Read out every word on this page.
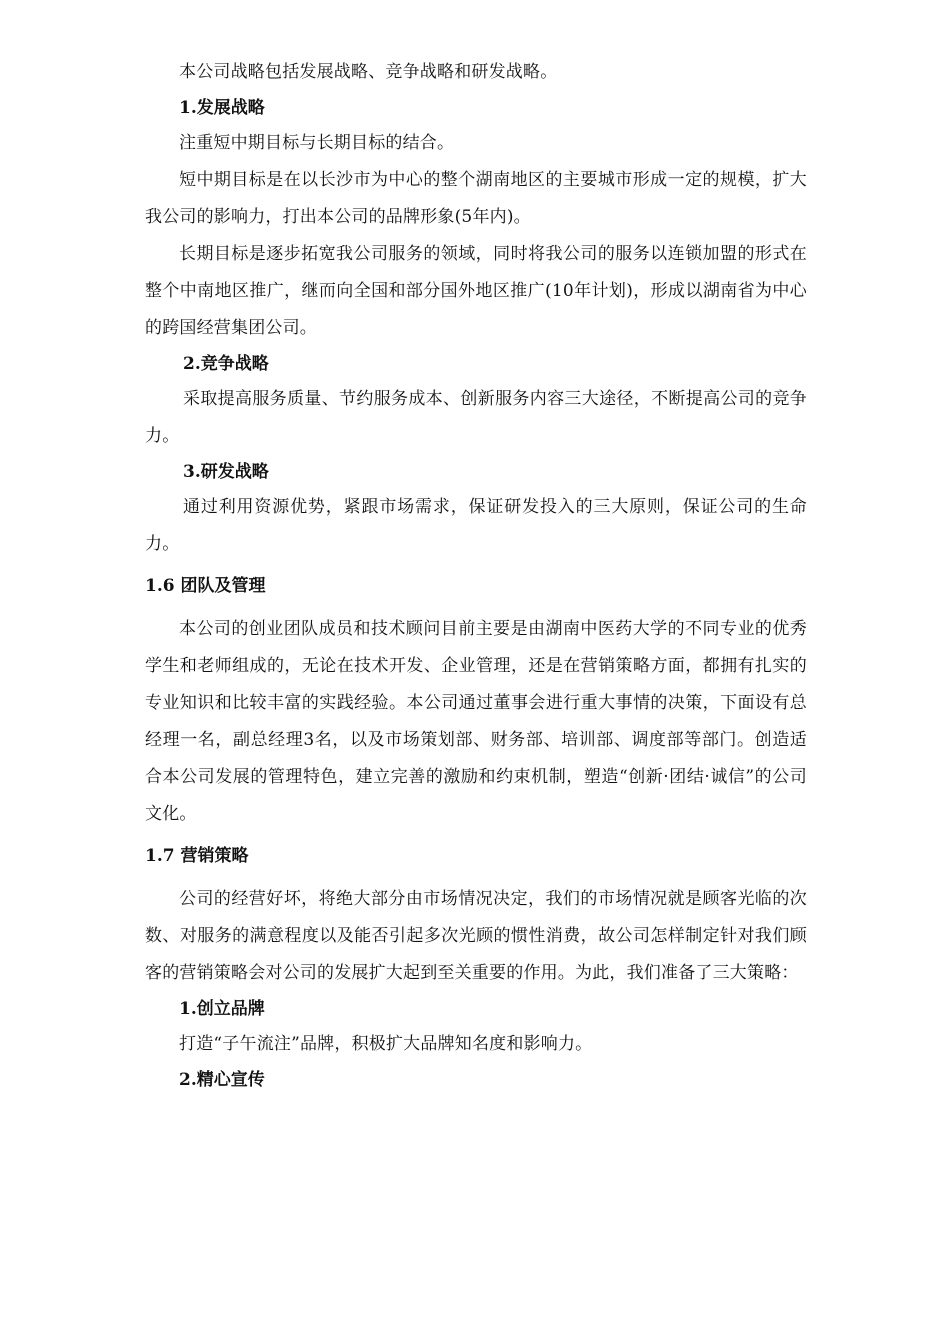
本公司战略包括发展战略、竞争战略和研发战略。

1.发展战略

注重短中期目标与长期目标的结合。

短中期目标是在以长沙市为中心的整个湖南地区的主要城市形成一定的规模，扩大我公司的影响力，打出本公司的品牌形象(5年内)。

长期目标是逐步拓宽我公司服务的领域，同时将我公司的服务以连锁加盟的形式在整个中南地区推广，继而向全国和部分国外地区推广(10年计划)，形成以湖南省为中心的跨国经营集团公司。

2.竞争战略

采取提高服务质量、节约服务成本、创新服务内容三大途径，不断提高公司的竞争力。

3.研发战略

通过利用资源优势，紧跟市场需求，保证研发投入的三大原则，保证公司的生命力。

1.6 团队及管理

本公司的创业团队成员和技术顾问目前主要是由湖南中医药大学的不同专业的优秀学生和老师组成的，无论在技术开发、企业管理，还是在营销策略方面，都拥有扎实的专业知识和比较丰富的实践经验。本公司通过董事会进行重大事情的决策，下面设有总经理一名，副总经理3名，以及市场策划部、财务部、培训部、调度部等部门。创造适合本公司发展的管理特色，建立完善的激励和约束机制，塑造“创新·团结·诚信”的公司文化。

1.7 营销策略

公司的经营好坏，将绝大部分由市场情况决定，我们的市场情况就是顾客光临的次数、对服务的满意程度以及能否引起多次光顾的惯性消费，故公司怎样制定针对我们顾客的营销策略会对公司的发展扩大起到至关重要的作用。为此，我们准备了三大策略：

1.创立品牌

打造“子午流注”品牌，积极扩大品牌知名度和影响力。

2.精心宣传
